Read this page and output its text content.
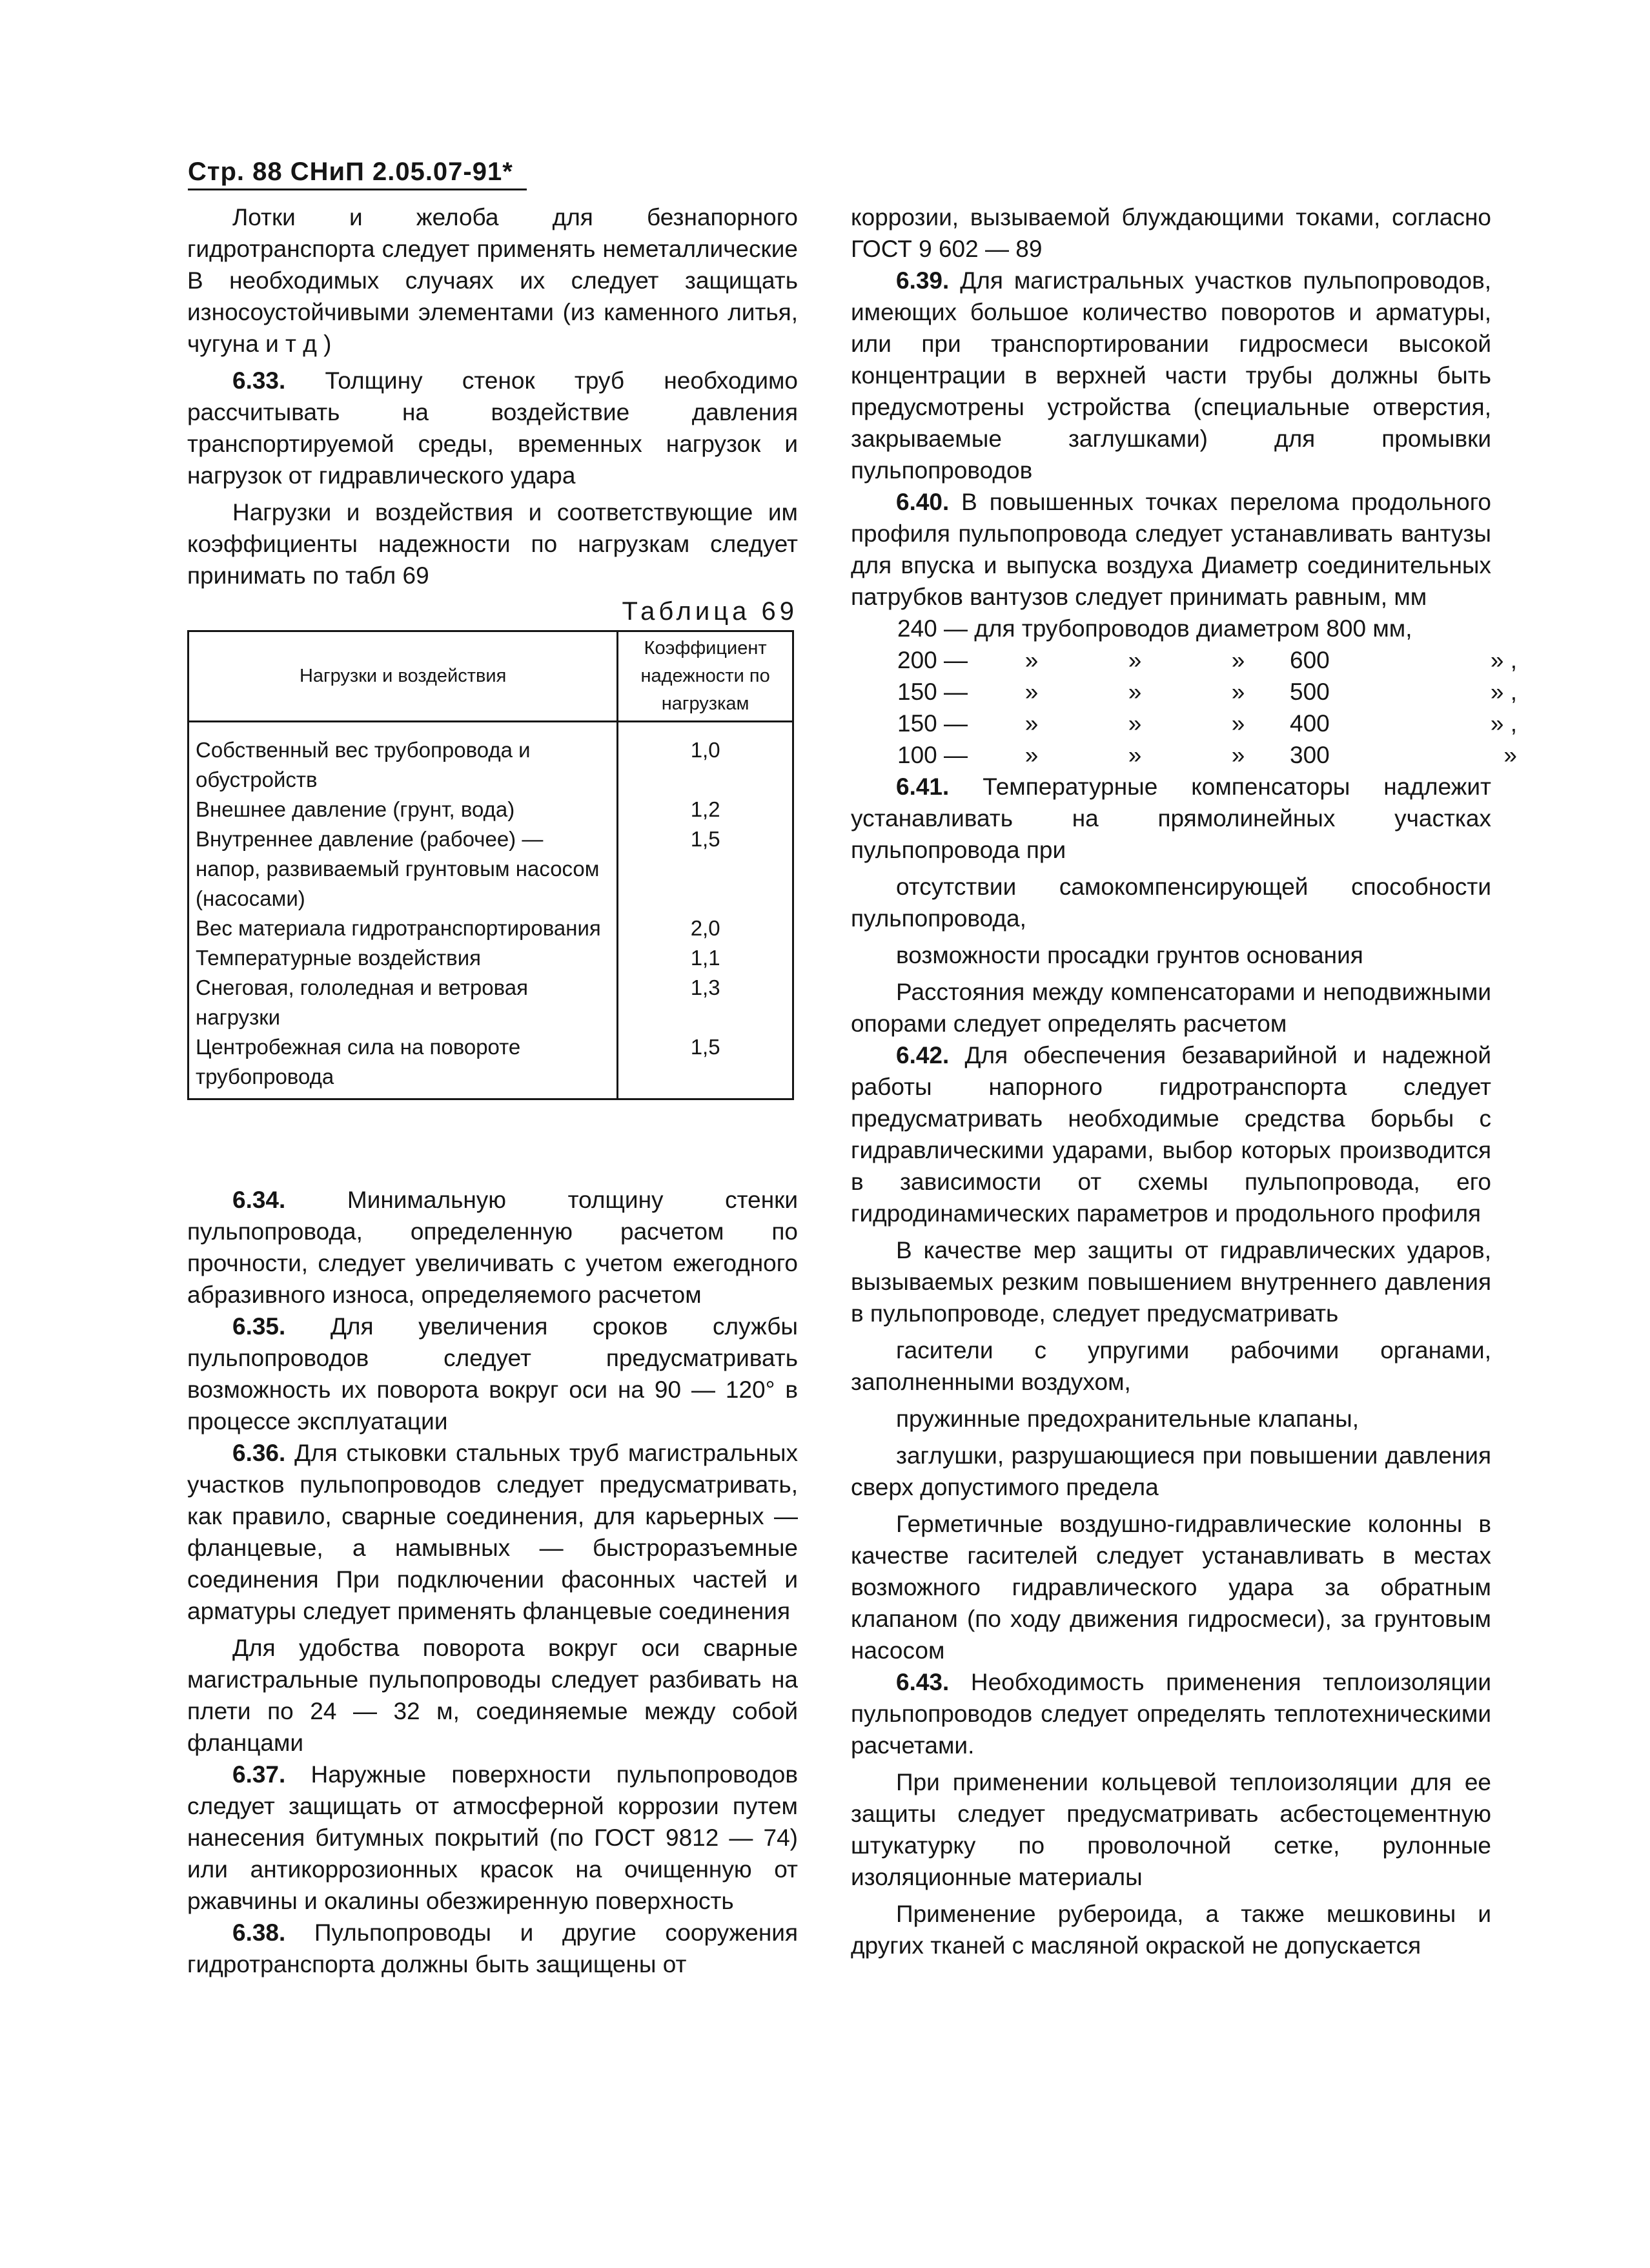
Стр. 88 СНиП 2.05.07-91*

Лотки и желоба для безнапорного гидротранспорта следует применять неметаллические В необходимых случаях их следует защищать износоустойчивыми элементами (из каменного литья, чугуна и т д )

6.33. Толщину стенок труб необходимо рассчитывать на воздействие давления транспортируемой среды, временных нагрузок и нагрузок от гидравлического удара

Нагрузки и воздействия и соответствующие им коэффициенты надежности по нагрузкам следует принимать по табл 69

Таблица 69
Нагрузки и воздействия	Коэффициент надежности по нагрузкам
Собственный вес трубопровода и обустройств	1,0
Внешнее давление (грунт, вода)	1,2
Внутреннее давление (рабочее) — напор, развиваемый грунтовым насосом (насосами)	1,5
Вес материала гидротранспортирования	2,0
Температурные воздействия	1,1
Снеговая, гололедная и ветровая нагрузки	1,3
Центробежная сила на повороте трубопровода	1,5

6.34.	Минимальную толщину стенки пульпопровода, определенную расчетом по прочности, следует увеличивать с учетом ежегодного абразивного износа, определяемого расчетом

6.35. Для увеличения сроков службы пульпопроводов следует предусматривать возможность их поворота вокруг оси на 90 — 120° в процессе эксплуатации

6.36. Для стыковки стальных труб магистральных участков пульпопроводов следует предусматривать, как правило, сварные соединения, для карьерных — фланцевые, а намывных — быстроразъемные соединения При подключении фасонных частей и арматуры следует применять фланцевые соединения

Для удобства поворота вокруг оси сварные магистральные пульпопроводы следует разбивать на плети по 24 — 32 м, соединяемые между собой фланцами

6.37. Наружные поверхности пульпопроводов следует защищать от атмосферной коррозии путем нанесения битумных покрытий (по ГОСТ 9812 — 74) или антикоррозионных красок на очищенную от ржавчины и окалины обезжиренную поверхность

6.38. Пульпопроводы и другие сооружения гидротранспорта должны быть защищены от

коррозии, вызываемой блуждающими токами, согласно ГОСТ 9 602 — 89

6.39. Для магистральных участков пульпопроводов, имеющих большое количество поворотов и арматуры, или при транспортировании гидросмеси высокой концентрации в верхней части трубы должны быть предусмотрены устройства (специальные отверстия, закрываемые заглушками) для промывки пульпопроводов

6.40. В повышенных точках перелома продольного профиля пульпопровода следует устанавливать вантузы для впуска и выпуска воздуха Диаметр соединительных патрубков вантузов следует принимать равным, мм

240 — для трубопроводов диаметром 800 мм,

200 —	»	»	»	600	» ,
150 —	»	»	»	500	» ,
150 —	»	»	»	400	» ,
100 —	»	»	»	300	»

6.41. Температурные компенсаторы надлежит устанавливать на прямолинейных участках пульпопровода при

отсутствии самокомпенсирующей способности пульпопровода,

возможности просадки грунтов основания

Расстояния между компенсаторами и неподвижными опорами следует определять расчетом

6.42. Для обеспечения безаварийной и надежной работы напорного гидротранспорта следует предусматривать необходимые средства борьбы с гидравлическими ударами, выбор которых производится в зависимости от схемы пульпопровода, его гидродинамических параметров и продольного профиля

В качестве мер защиты от гидравлических ударов, вызываемых резким повышением внутреннего давления в пульпопроводе, следует предусматривать

гасители с упругими рабочими органами, заполненными воздухом,

пружинные предохранительные клапаны,

заглушки, разрушающиеся при повышении давления сверх допустимого предела

Герметичные воздушно-гидравлические колонны в качестве гасителей следует устанавливать в местах возможного гидравлического удара за обратным клапаном (по ходу движения гидросмеси), за грунтовым насосом

6.43. Необходимость применения теплоизоляции пульпопроводов следует определять теплотехническими расчетами.

При применении кольцевой теплоизоляции для ее защиты следует предусматривать асбестоцементную штукатурку по проволочной сетке, рулонные изоляционные материалы

Применение рубероида, а также мешковины и других тканей с масляной окраской не допускается
